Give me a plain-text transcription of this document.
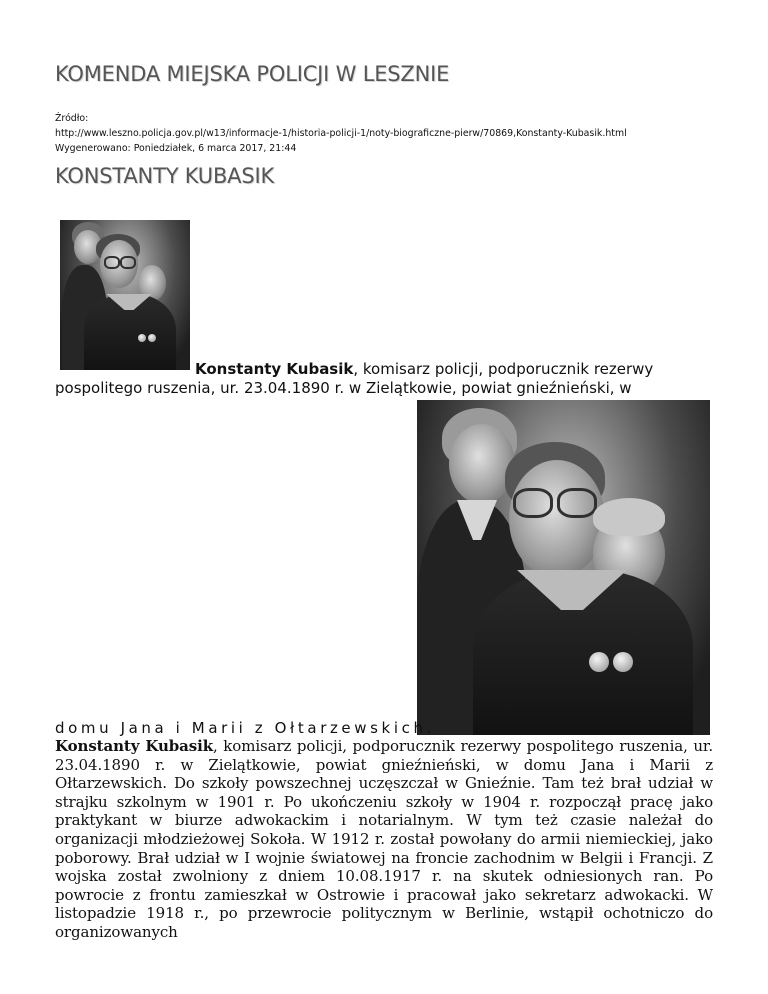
KOMENDA MIEJSKA POLICJI W LESZNIE
Źródło:
http://www.leszno.policja.gov.pl/w13/informacje-1/historia-policji-1/noty-biograficzne-pierw/70869,Konstanty-Kubasik.html
Wygenerowano: Poniedziałek, 6 marca 2017, 21:44
KONSTANTY KUBASIK
Konstanty Kubasik, komisarz policji, podporucznik rezerwy
pospolitego ruszenia, ur. 23.04.1890 r. w Zielątkowie, powiat gnieźnieński, w
domu Jana i Marii z Ołtarzewskich.

Konstanty Kubasik, komisarz policji, podporucznik rezerwy pospolitego ruszenia, ur. 23.04.1890 r. w Zielątkowie, powiat gnieźnieński, w domu Jana i Marii z Ołtarzewskich. Do szkoły powszechnej uczęszczał w Gnieźnie. Tam też brał udział w strajku szkolnym w 1901 r. Po ukończeniu szkoły w 1904 r. rozpoczął pracę jako praktykant w biurze adwokackim i notarialnym. W tym też czasie należał do organizacji młodzieżowej Sokoła. W 1912 r. został powołany do armii niemieckiej, jako poborowy. Brał udział w I wojnie światowej na froncie zachodnim w Belgii i Francji. Z wojska został zwolniony z dniem 10.08.1917 r. na skutek odniesionych ran. Po powrocie z frontu zamieszkał w Ostrowie i pracował jako sekretarz adwokacki. W listopadzie 1918 r., po przewrocie politycznym w Berlinie, wstąpił ochotniczo do organizowanych
